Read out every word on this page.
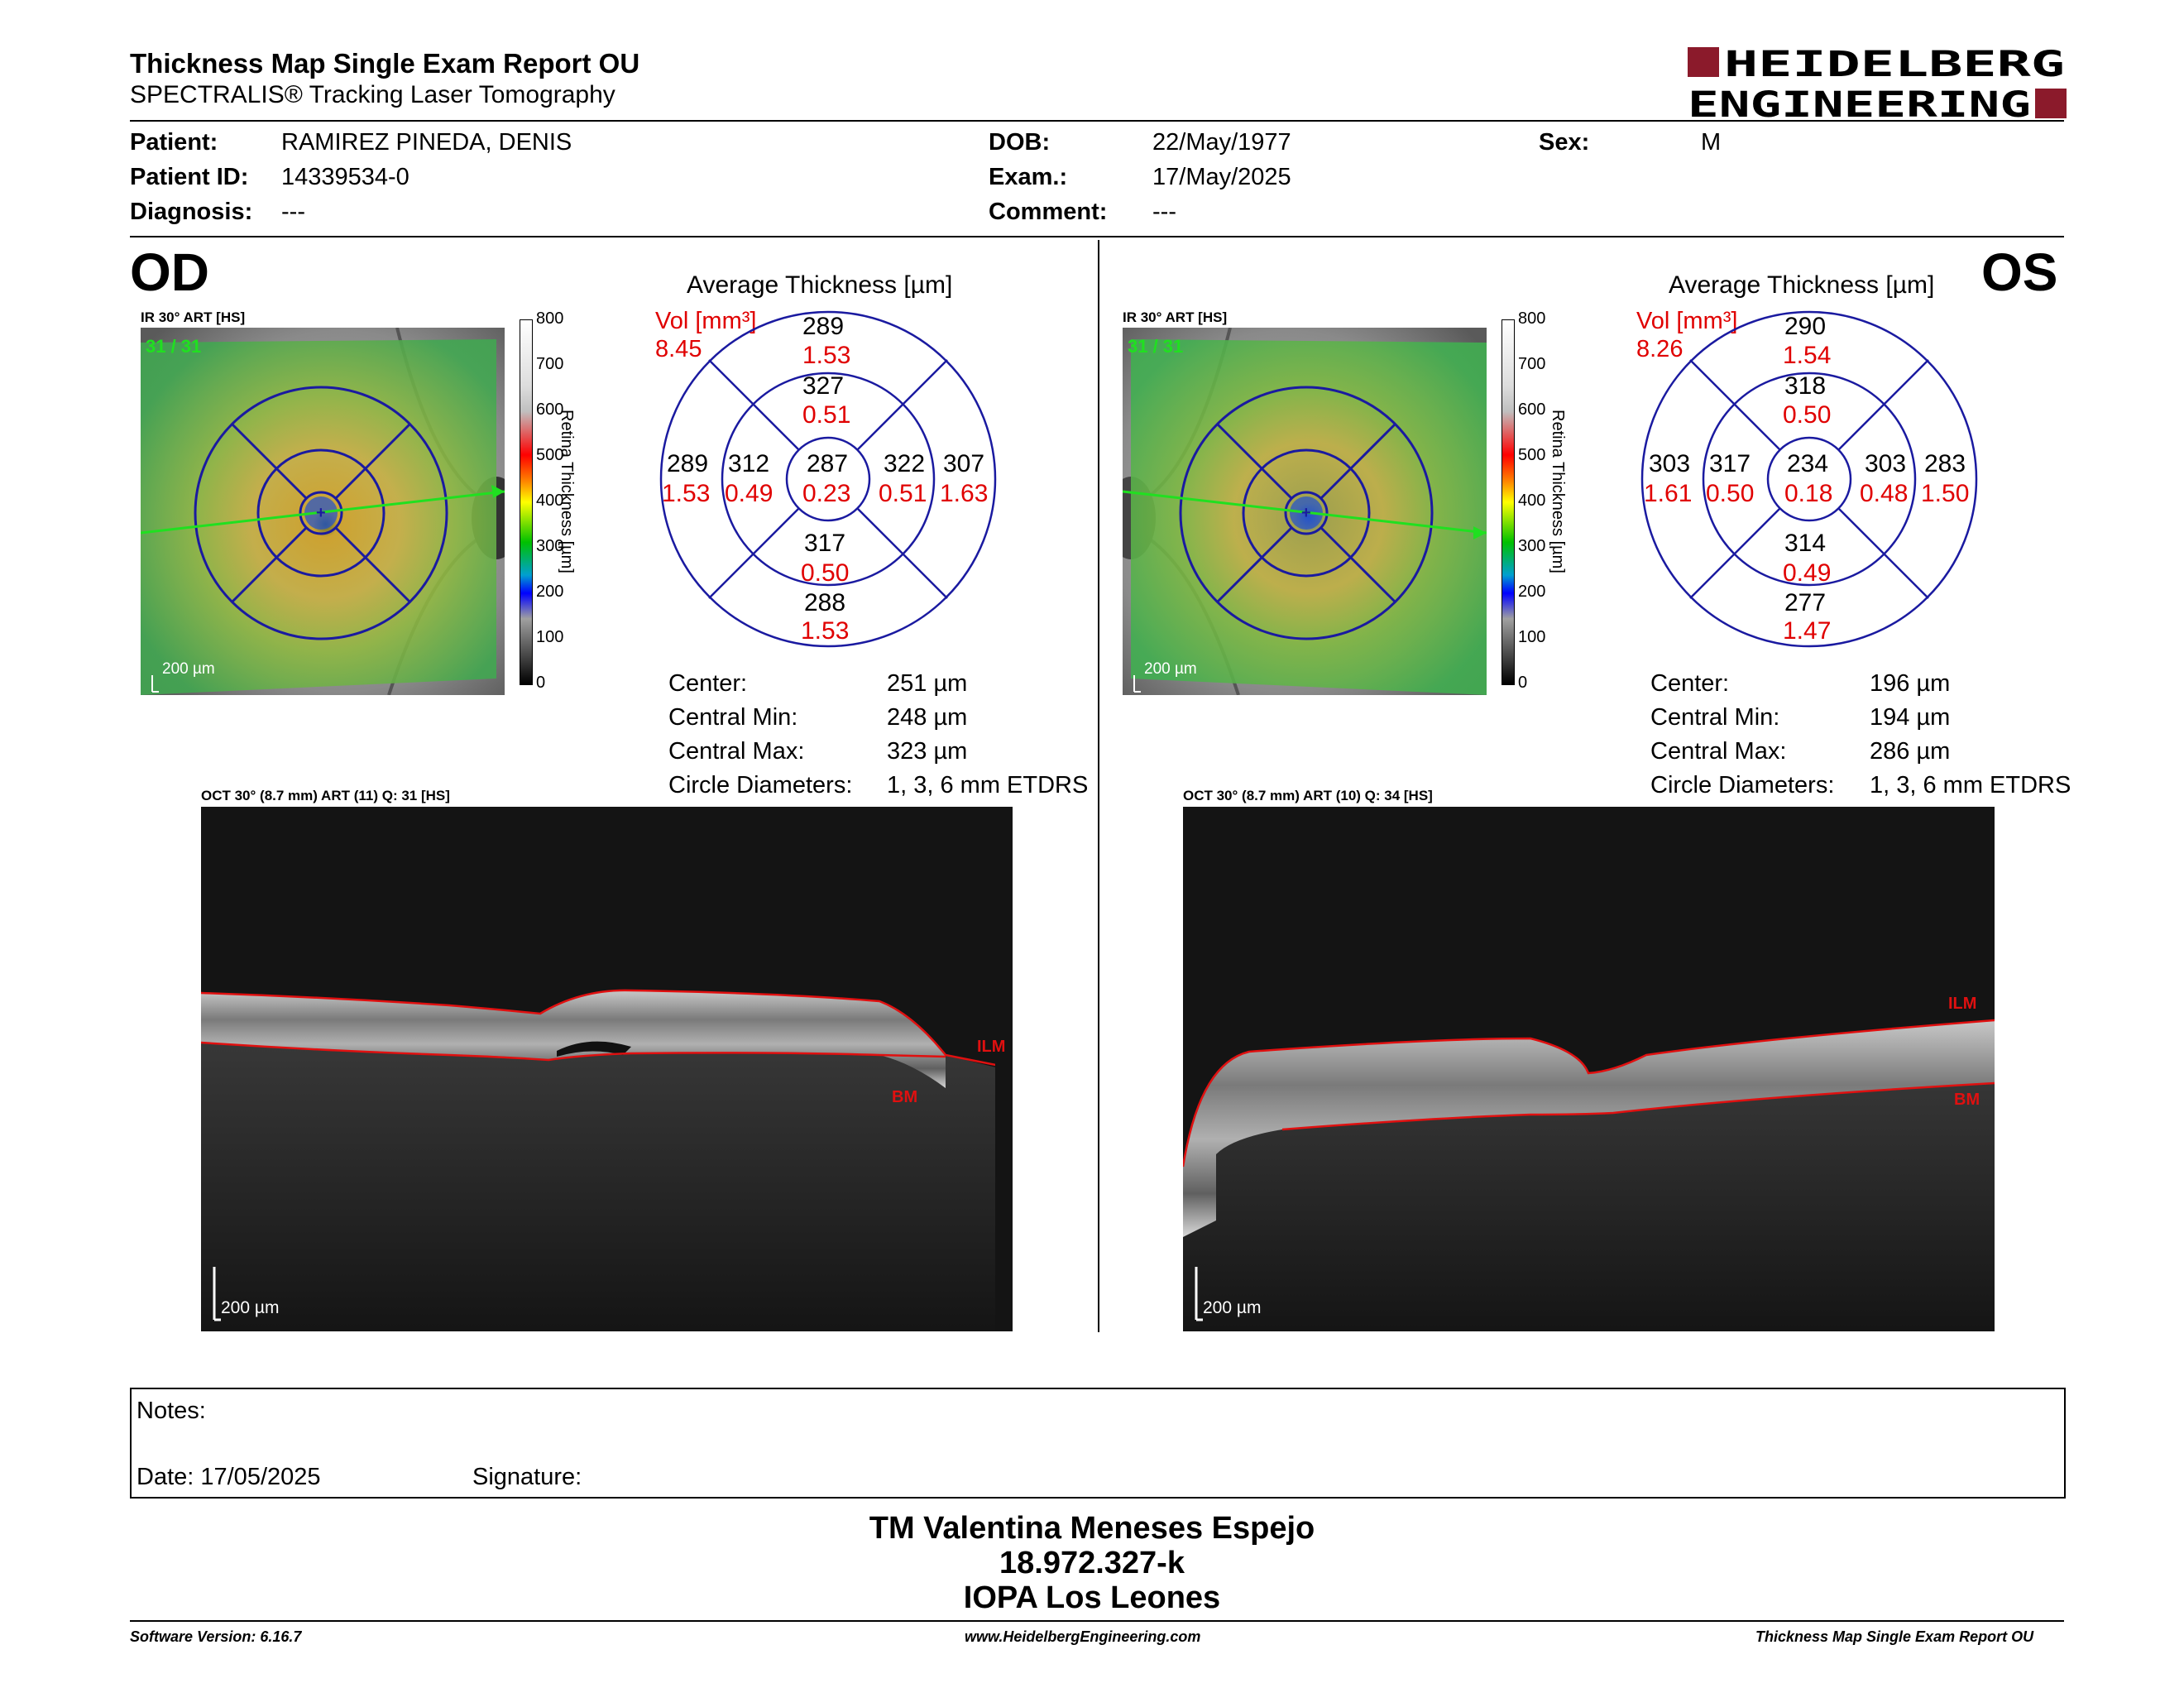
Thickness Map Single Exam Report OU
SPECTRALIS® Tracking Laser Tomography
HEIDELBERG
ENGINEERING
Patient:	RAMIREZ PINEDA, DENIS
Patient ID: 14339534-0
Diagnosis: ---
DOB:	22/May/1977
Exam.:	17/May/2025
Comment: ---
Sex:	M
OD	OS
IR 30° ART [HS]
+
31 / 31
200 µm
800
700
600
500
400
300
200
100
0
Retina Thickness [µm]
Average Thickness [µm]
Vol [mm³]
8.45
289
1.53
327
0.51
289
1.53
312
0.49
287
0.23
322
0.51
307
1.63
317
0.50
288
1.53
Center:	251 µm
Central Min:	248 µm
Central Max:	323 µm
Circle Diameters: 1, 3, 6 mm ETDRS
OCT 30° (8.7 mm) ART (11) Q: 31 [HS]
ILM
BM
200 µm
IR 30° ART [HS]
+
31 / 31
200 µm
800
700
600
500
400
300
200
100
0
Retina Thickness [µm]
Average Thickness [µm]
Vol [mm³]
8.26
290
1.54
318
0.50
303
1.61
317
0.50
234
0.18
303
0.48
283
1.50
314
0.49
277
1.47
Center:	196 µm
Central Min:	194 µm
Central Max:	286 µm
Circle Diameters: 1, 3, 6 mm ETDRS
OCT 30° (8.7 mm) ART (10) Q: 34 [HS]
ILM
BM
200 µm
Notes:
Date: 17/05/2025	Signature:
TM Valentina Meneses Espejo
18.972.327-k
IOPA Los Leones
Software Version: 6.16.7	www.HeidelbergEngineering.com	Thickness Map Single Exam Report OU
